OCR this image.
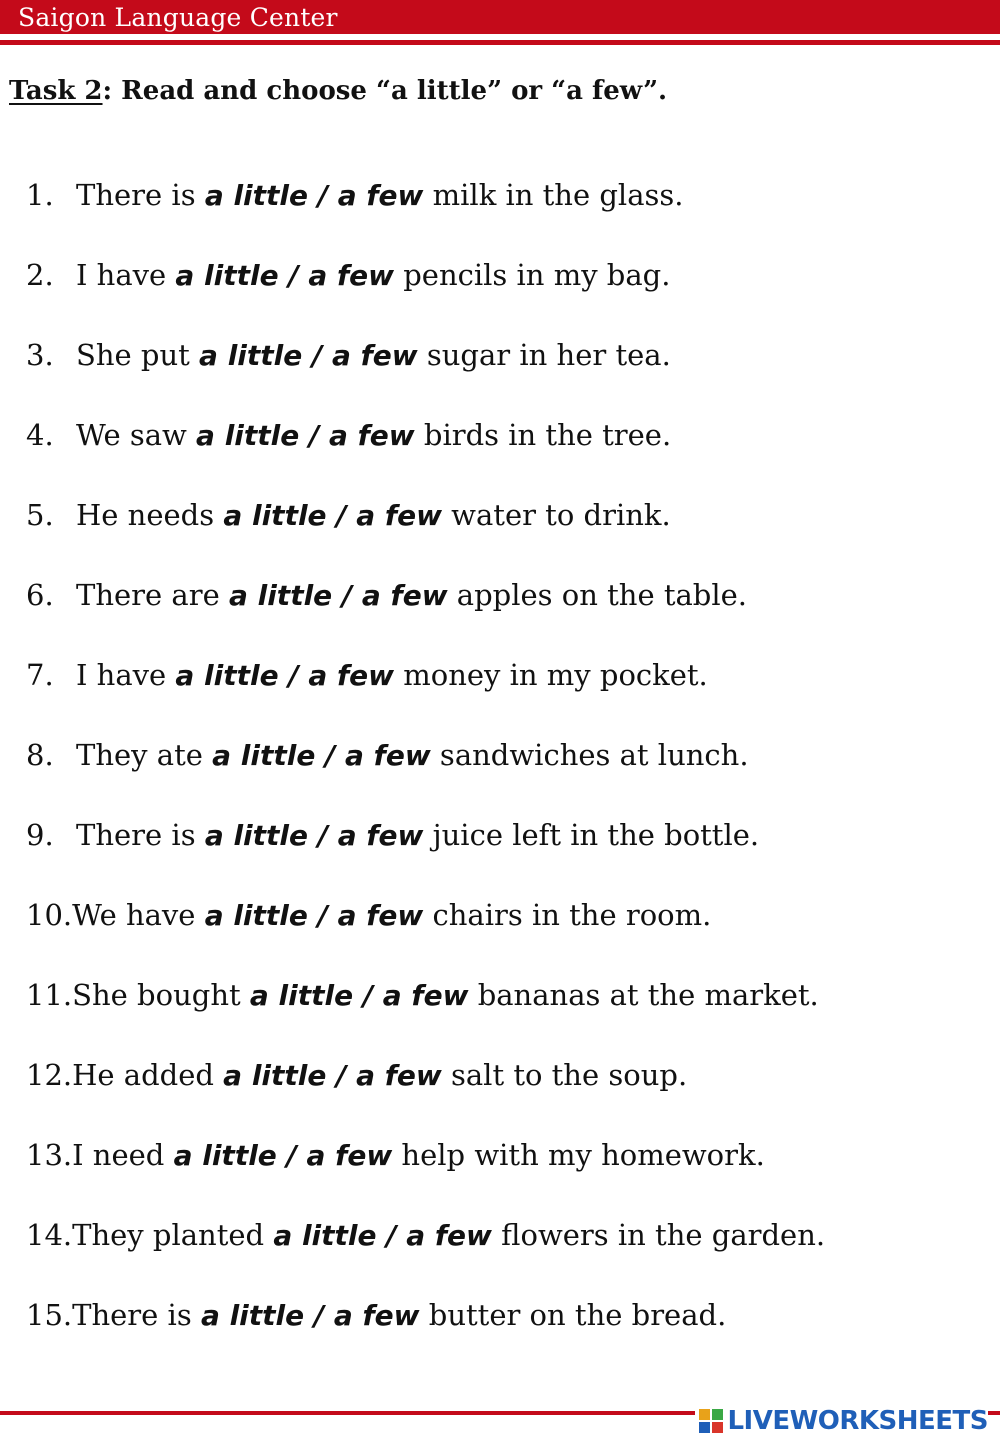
Saigon Language Center
Task 2: Read and choose “a little” or “a few”.
1. There is a little / a few milk in the glass.
2. I have a little / a few pencils in my bag.
3. She put a little / a few sugar in her tea.
4. We saw a little / a few birds in the tree.
5. He needs a little / a few water to drink.
6. There are a little / a few apples on the table.
7. I have a little / a few money in my pocket.
8. They ate a little / a few sandwiches at lunch.
9. There is a little / a few juice left in the bottle.
10.We have a little / a few chairs in the room.
11.She bought a little / a few bananas at the market.
12.He added a little / a few salt to the soup.
13.I need a little / a few help with my homework.
14.They planted a little / a few flowers in the garden.
15.There is a little / a few butter on the bread.
LIVEWORKSHEETS
